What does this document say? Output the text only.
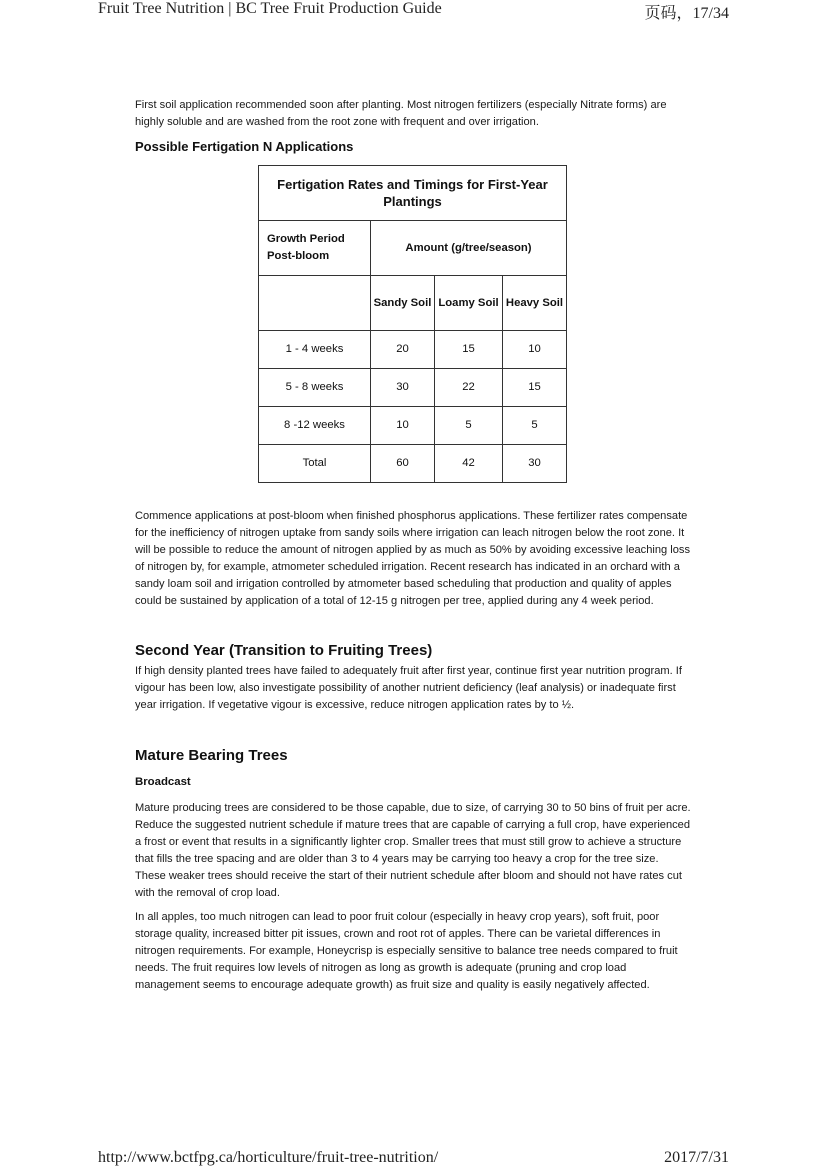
Fruit Tree Nutrition | BC Tree Fruit Production Guide	页码，17/34

First soil application recommended soon after planting. Most nitrogen fertilizers (especially Nitrate forms) are highly soluble and are washed from the root zone with frequent and over irrigation.

Possible Fertigation N Applications

Fertigation Rates and Timings for First-Year Plantings			
Growth Period Post-bloom	Amount (g/tree/season)		
	Sandy Soil	Loamy Soil	Heavy Soil
1 - 4 weeks	20	15	10
5 - 8 weeks	30	22	15
8 -12 weeks	10	5	5
Total	60	42	30

Commence applications at post-bloom when finished phosphorus applications. These fertilizer rates compensate for the inefficiency of nitrogen uptake from sandy soils where irrigation can leach nitrogen below the root zone. It will be possible to reduce the amount of nitrogen applied by as much as 50% by avoiding excessive leaching loss of nitrogen by, for example, atmometer scheduled irrigation. Recent research has indicated in an orchard with a sandy loam soil and irrigation controlled by atmometer based scheduling that production and quality of apples could be sustained by application of a total of 12-15 g nitrogen per tree, applied during any 4 week period.

Second Year (Transition to Fruiting Trees)

If high density planted trees have failed to adequately fruit after first year, continue first year nutrition program. If vigour has been low, also investigate possibility of another nutrient deficiency (leaf analysis) or inadequate first year irrigation. If vegetative vigour is excessive, reduce nitrogen application rates by to ½.

Mature Bearing Trees

Broadcast

Mature producing trees are considered to be those capable, due to size, of carrying 30 to 50 bins of fruit per acre. Reduce the suggested nutrient schedule if mature trees that are capable of carrying a full crop, have experienced a frost or event that results in a significantly lighter crop. Smaller trees that must still grow to achieve a structure that fills the tree spacing and are older than 3 to 4 years may be carrying too heavy a crop for the tree size. These weaker trees should receive the start of their nutrient schedule after bloom and should not have rates cut with the removal of crop load.

In all apples, too much nitrogen can lead to poor fruit colour (especially in heavy crop years), soft fruit, poor storage quality, increased bitter pit issues, crown and root rot of apples. There can be varietal differences in nitrogen requirements. For example, Honeycrisp is especially sensitive to balance tree needs compared to fruit needs. The fruit requires low levels of nitrogen as long as growth is adequate (pruning and crop load management seems to encourage adequate growth) as fruit size and quality is easily negatively affected.

http://www.bctfpg.ca/horticulture/fruit-tree-nutrition/	2017/7/31
